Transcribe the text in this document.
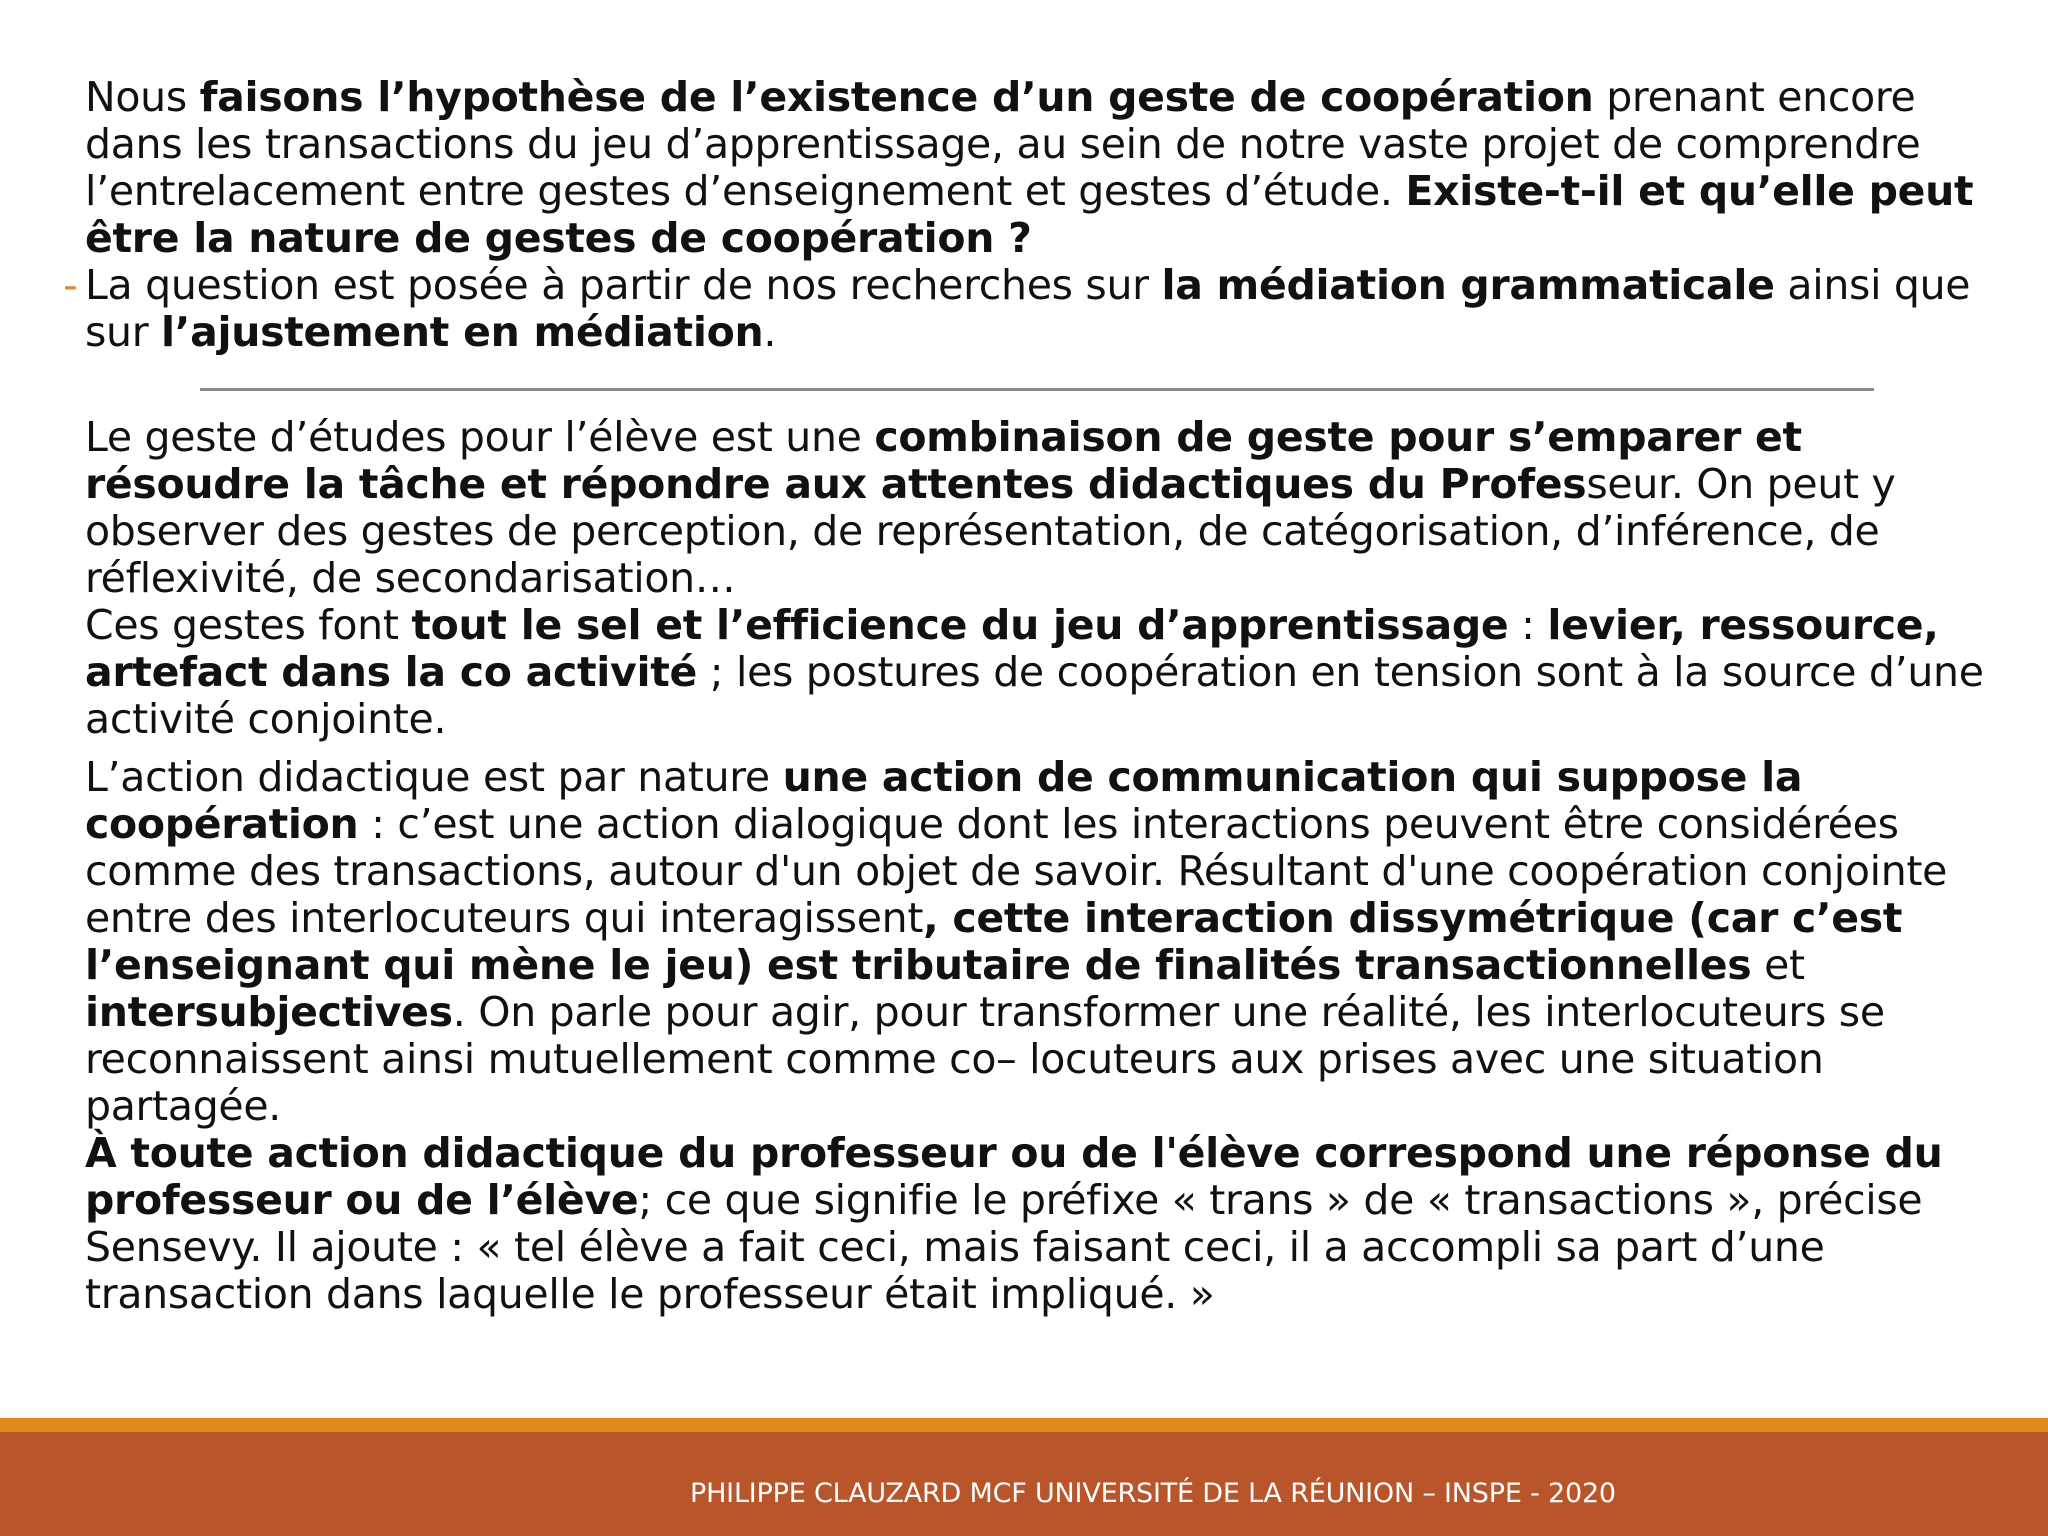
Nous faisons l’hypothèse de l’existence d’un geste de coopération prenant encore dans les transactions du jeu d’apprentissage, au sein de notre vaste projet de comprendre l’entrelacement entre gestes d’enseignement et gestes d’étude. Existe-t-il et qu’elle peut être la nature de gestes de coopération ?

- La question est posée à partir de nos recherches sur la médiation grammaticale ainsi que sur l’ajustement en médiation.

Le geste d’études pour l’élève est une combinaison de geste pour s’emparer et résoudre la tâche et répondre aux attentes didactiques du Professeur. On peut y observer des gestes de perception, de représentation, de catégorisation, d’inférence, de réflexivité, de secondarisation…

Ces gestes font tout le sel et l’efficience du jeu d’apprentissage : levier, ressource, artefact dans la co activité ; les postures de coopération en tension sont à la source d’une activité conjointe.

L’action didactique est par nature une action de communication qui suppose la coopération : c’est une action dialogique dont les interactions peuvent être considérées comme des transactions, autour d'un objet de savoir. Résultant d'une coopération conjointe entre des interlocuteurs qui interagissent, cette interaction dissymétrique (car c’est l’enseignant qui mène le jeu) est tributaire de finalités transactionnelles et intersubjectives. On parle pour agir, pour transformer une réalité, les interlocuteurs se reconnaissent ainsi mutuellement comme co– locuteurs aux prises avec une situation partagée.

À toute action didactique du professeur ou de l'élève correspond une réponse du professeur ou de l’élève; ce que signifie le préfixe « trans » de « transactions », précise Sensevy. Il ajoute : « tel élève a fait ceci, mais faisant ceci, il a accompli sa part d’une transaction dans laquelle le professeur était impliqué. »

PHILIPPE CLAUZARD MCF UNIVERSITÉ DE LA RÉUNION – INSPE - 2020
